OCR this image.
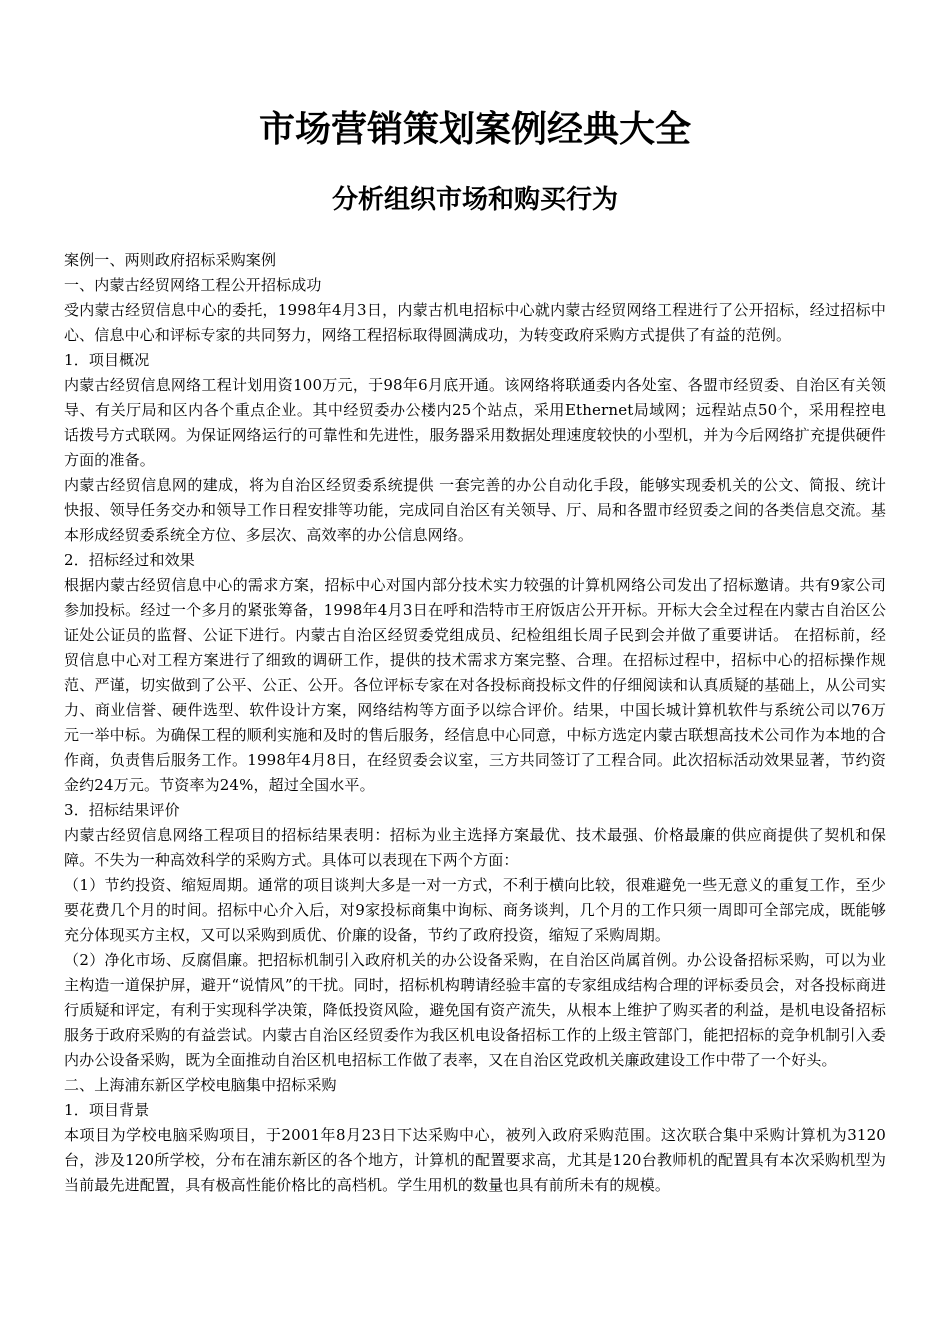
市场营销策划案例经典大全
分析组织市场和购买行为

案例一、两则政府招标采购案例

一、内蒙古经贸网络工程公开招标成功

受内蒙古经贸信息中心的委托，1998年4月3日，内蒙古机电招标中心就内蒙古经贸网络工程进行了公开招标，经过招标中心、信息中心和评标专家的共同努力，网络工程招标取得圆满成功，为转变政府采购方式提供了有益的范例。

1．项目概况

内蒙古经贸信息网络工程计划用资100万元，于98年6月底开通。该网络将联通委内各处室、各盟市经贸委、自治区有关领导、有关厅局和区内各个重点企业。其中经贸委办公楼内25个站点，采用Ethernet局域网；远程站点50个，采用程控电 话拨号方式联网。为保证网络运行的可靠性和先进性，服务器采用数据处理速度较快的小型机，并为今后网络扩充提供硬件方面的准备。

内蒙古经贸信息网的建成，将为自治区经贸委系统提供 一套完善的办公自动化手段，能够实现委机关的公文、简报、统计快报、领导任务交办和领导工作日程安排等功能，完成同自治区有关领导、厅、局和各盟市经贸委之间的各类信息交流。基本形成经贸委系统全方位、多层次、高效率的办公信息网络。

2．招标经过和效果

根据内蒙古经贸信息中心的需求方案，招标中心对国内部分技术实力较强的计算机网络公司发出了招标邀请。共有9家公司参加投标。经过一个多月的紧张筹备，1998年4月3日在呼和浩特市王府饭店公开开标。开标大会全过程在内蒙古自治区公证处公证员的监督、公证下进行。内蒙古自治区经贸委党组成员、纪检组组长周子民到会并做了重要讲话。 在招标前，经贸信息中心对工程方案进行了细致的调研工作，提供的技术需求方案完整、合理。在招标过程中，招标中心的招标操作规范、严谨，切实做到了公平、公正、公开。各位评标专家在对各投标商投标文件的仔细阅读和认真质疑的基础上，从公司实力、商业信誉、硬件选型、软件设计方案，网络结构等方面予以综合评价。结果，中国长城计算机软件与系统公司以76万元一举中标。为确保工程的顺利实施和及时的售后服务，经信息中心同意，中标方选定内蒙古联想高技术公司作为本地的合作商，负责售后服务工作。1998年4月8日，在经贸委会议室，三方共同签订了工程合同。此次招标活动效果显著，节约资金约24万元。节资率为24%，超过全国水平。

3．招标结果评价

内蒙古经贸信息网络工程项目的招标结果表明：招标为业主选择方案最优、技术最强、价格最廉的供应商提供了契机和保障。不失为一种高效科学的采购方式。具体可以表现在下两个方面：

（1）节约投资、缩短周期。通常的项目谈判大多是一对一方式，不利于横向比较，很难避免一些无意义的重复工作，至少要花费几个月的时间。招标中心介入后，对9家投标商集中询标、商务谈判，几个月的工作只须一周即可全部完成，既能够充分体现买方主权，又可以采购到质优、价廉的设备，节约了政府投资，缩短了采购周期。

（2）净化市场、反腐倡廉。把招标机制引入政府机关的办公设备采购，在自治区尚属首例。办公设备招标采购，可以为业主构造一道保护屏，避开“说情风”的干扰。同时，招标机构聘请经验丰富的专家组成结构合理的评标委员会，对各投标商进行质疑和评定，有利于实现科学决策，降低投资风险，避免国有资产流失，从根本上维护了购买者的利益，是机电设备招标服务于政府采购的有益尝试。内蒙古自治区经贸委作为我区机电设备招标工作的上级主管部门，能把招标的竞争机制引入委内办公设备采购，既为全面推动自治区机电招标工作做了表率，又在自治区党政机关廉政建设工作中带了一个好头。

二、上海浦东新区学校电脑集中招标采购

1．项目背景

本项目为学校电脑采购项目，于2001年8月23日下达采购中心，被列入政府采购范围。这次联合集中采购计算机为3120台，涉及120所学校，分布在浦东新区的各个地方，计算机的配置要求高，尤其是120台教师机的配置具有本次采购机型为当前最先进配置，具有极高性能价格比的高档机。学生用机的数量也具有前所未有的规模。
